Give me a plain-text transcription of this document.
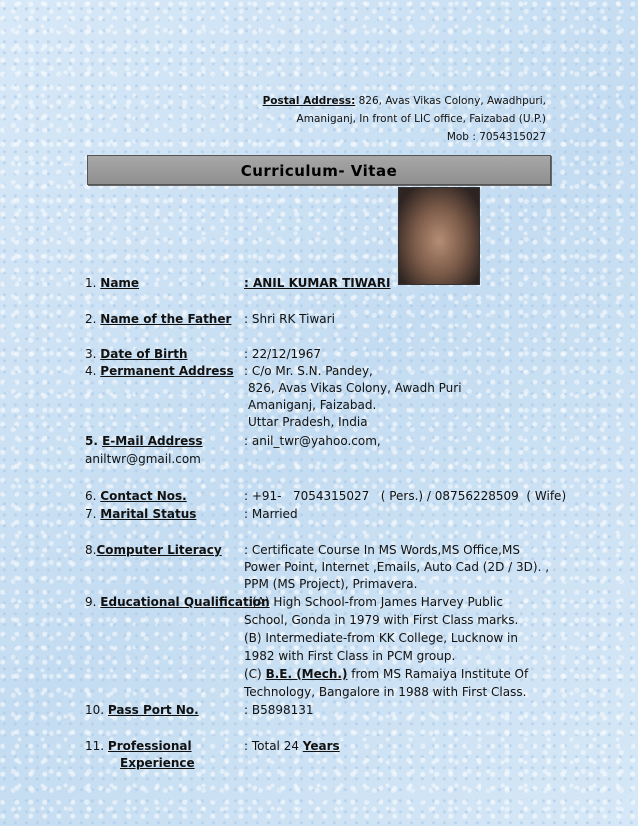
Postal Address: 826, Avas Vikas Colony, Awadhpuri,
Amaniganj, In front of LIC office, Faizabad (U.P.)
Mob : 7054315027
Curriculum- Vitae
1. Name	: ANIL KUMAR TIWARI
2. Name of the Father : Shri RK Tiwari
3. Date of Birth	: 22/12/1967
4. Permanent Address : C/o Mr. S.N. Pandey,
826, Avas Vikas Colony, Awadh Puri
Amaniganj, Faizabad.
Uttar Pradesh, India
5. E-Mail Address	: anil_twr@yahoo.com,
aniltwr@gmail.com
6. Contact Nos.	: +91-   7054315027   ( Pers.) / 08756228509  ( Wife)
7. Marital Status	: Married
8.Computer Literacy : Certificate Course In MS Words,MS Office,MS
Power Point, Internet ,Emails, Auto Cad (2D / 3D). ,
PPM (MS Project), Primavera.
9. Educational Qualification
:(A) High School-from James Harvey Public
School, Gonda in 1979 with First Class marks.
(B) Intermediate-from KK College, Lucknow in
1982 with First Class in PCM group.
(C) B.E. (Mech.) from MS Ramaiya Institute Of
Technology, Bangalore in 1988 with First Class.
10. Pass Port No.	: B5898131
11. Professional
Experience
: Total 24 Years
